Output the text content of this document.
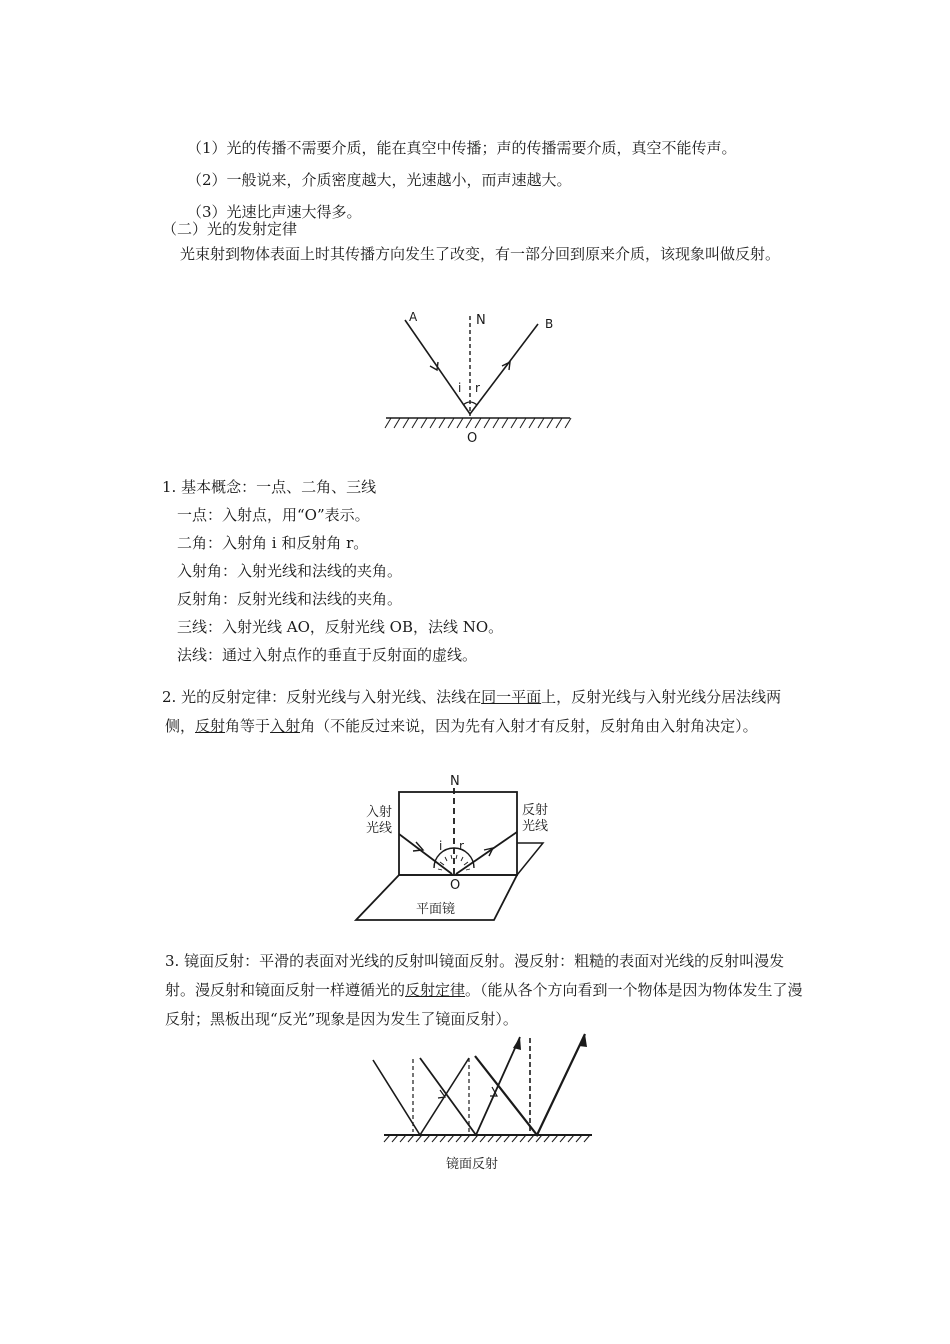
（1）光的传播不需要介质，能在真空中传播；声的传播需要介质，真空不能传声。
（2）一般说来，介质密度越大，光速越小，而声速越大。
（3）光速比声速大得多。
（二）光的发射定律
光束射到物体表面上时其传播方向发生了改变，有一部分回到原来介质，该现象叫做反射。
A	N	B
i r
O
1. 基本概念：一点、二角、三线
一点：入射点，用“O”表示。
二角：入射角 i 和反射角 r。
入射角：入射光线和法线的夹角。
反射角：反射光线和法线的夹角。
三线：入射光线 AO，反射光线 OB，法线 NO。
法线：通过入射点作的垂直于反射面的虚线。
2. 光的反射定律：反射光线与入射光线、法线在同一平面上，反射光线与入射光线分居法线两侧，反射角等于入射角（不能反过来说，因为先有入射才有反射，反射角由入射角决定）。
N
入射
光线
反射
光线
i r
O
平面镜
3. 镜面反射：平滑的表面对光线的反射叫镜面反射。漫反射：粗糙的表面对光线的反射叫漫发射。漫反射和镜面反射一样遵循光的反射定律。（能从各个方向看到一个物体是因为物体发生了漫反射；黑板出现“反光”现象是因为发生了镜面反射）。
镜面反射
